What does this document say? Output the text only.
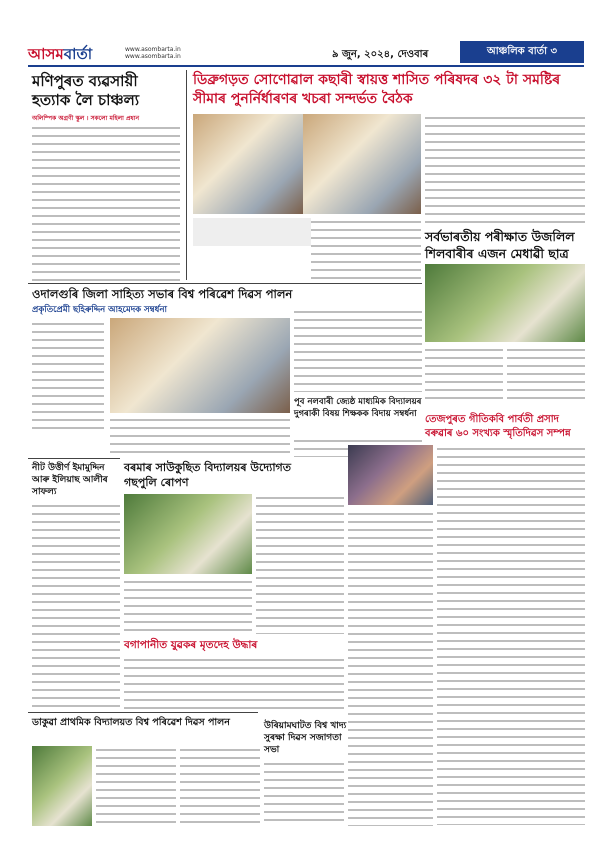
আসমবাৰ্তা	www.asombarta.in
www.asombarta.in	৯ জুন, ২০২৪, দেওবাৰ	আঞ্চলিক বাৰ্তা ৩
মণিপুৰত ব্যৱসায়ী হত্যাক লৈ চাঞ্চল্য
অলিম্পিক অগ্ৰণী স্কুল । সকলো মহিলা প্ৰধান
ডিব্ৰুগড়ত সোণোৱাল কছাৰী স্বায়ত্ত শাসিত পৰিষদৰ ৩২ টা সমষ্টিৰ সীমাৰ পুনৰ্নিৰ্ধাৰণৰ খচৰা সন্দৰ্ভত বৈঠক
সৰ্বভাৰতীয় পৰীক্ষাত উজলিল শিলবাৰীৰ এজন মেধাৱী ছাত্ৰ
ওদালগুৰি জিলা সাহিত্য সভাৰ বিশ্ব পৰিৱেশ দিৱস পালন
প্ৰকৃতিপ্ৰেমী ছহিৰুদ্দিন আহমেদক সম্বৰ্ধনা
পূব নলবাৰী জ্যেষ্ঠ মাধ্যমিক বিদ্যালয়ৰ দুগৰাকী বিষয় শিক্ষকক বিদায় সম্বৰ্ধনা তেজপুৰত গীতিকবি পাৰ্বতী প্ৰসাদ বৰুৱাৰ ৬০ সংখ্যক স্মৃতিদিৱস সম্পন্ন
নীট উত্তীৰ্ণ ইমামুদ্দিন আৰু ইলিয়াছ আলীৰ সাফল্য
বৰমাৰ সাউকুছিত বিদ্যালয়ৰ উদ্যোগত গছপুলি ৰোপণ
বগাপানীত যুৱকৰ মৃতদেহ উদ্ধাৰ
উৰিয়ামঘাটত বিশ্ব খাদ্য সুৰক্ষা দিৱস সজাগতা সভা
ডাকুৱা প্ৰাথমিক বিদ্যালয়ত বিশ্ব পৰিৱেশ দিৱস পালন
